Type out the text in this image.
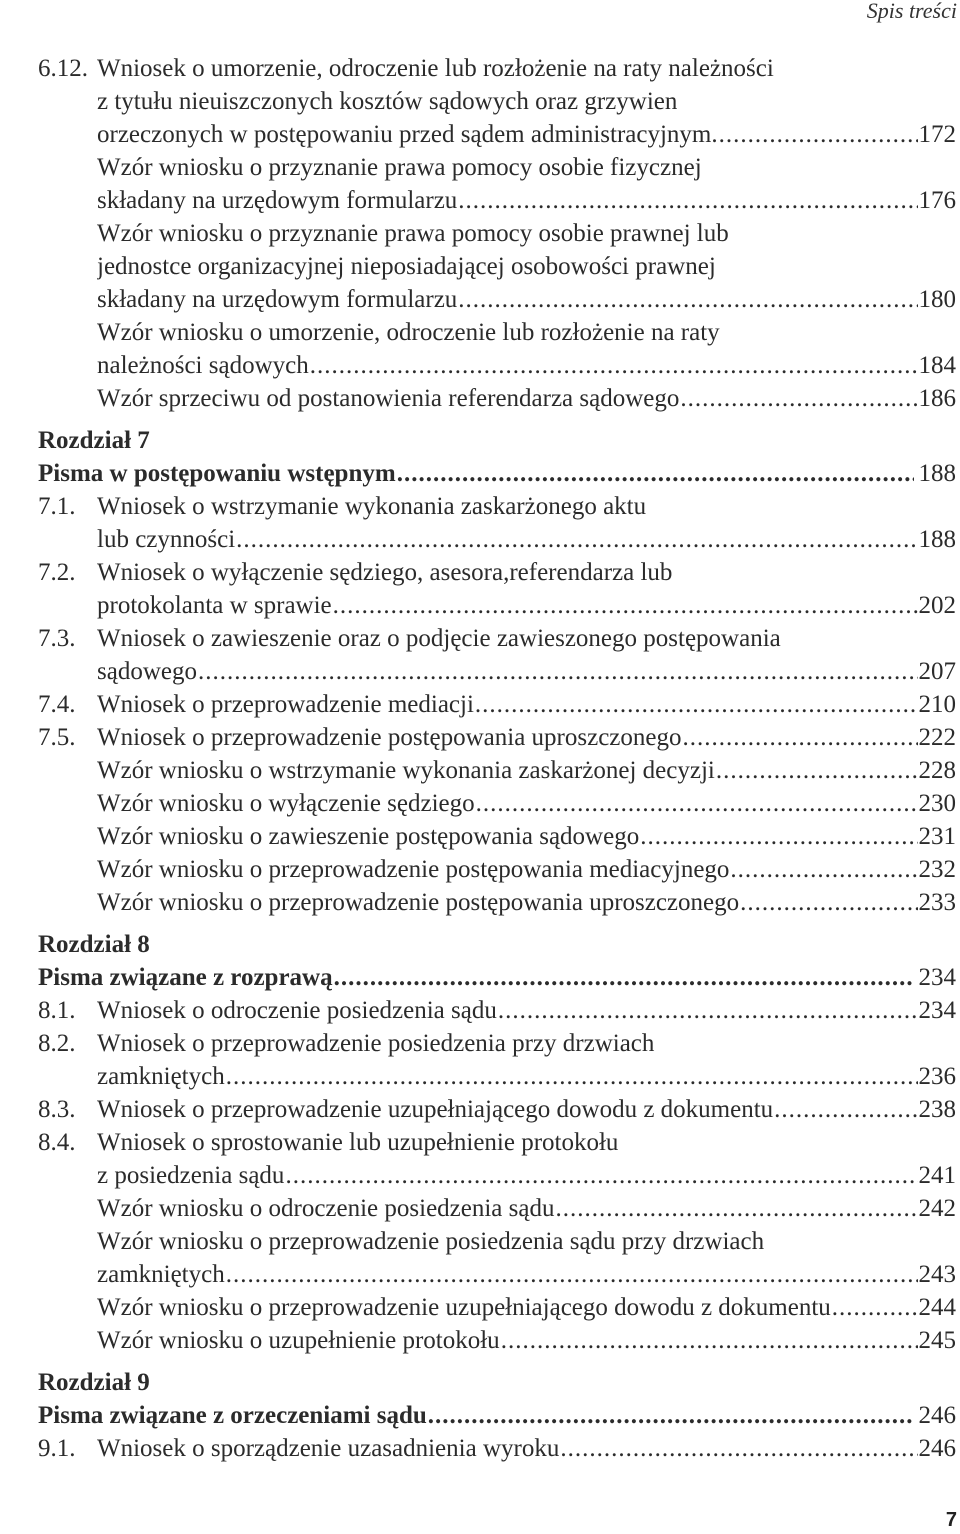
Spis treści
6.12. Wniosek o umorzenie, odroczenie lub rozłożenie na raty należności
z tytułu nieuiszczonych kosztów sądowych oraz grzywien
orzeczonych w postępowaniu przed sądem administracyjnym. .....	172
Wzór wniosku o przyznanie prawa pomocy osobie fizycznej
składany na urzędowym formularzu .....	176
Wzór wniosku o przyznanie prawa pomocy osobie prawnej lub
jednostce organizacyjnej nieposiadającej osobowości prawnej
składany na urzędowym formularzu .....	180
Wzór wniosku o umorzenie, odroczenie lub rozłożenie na raty
należności sądowych .....	184
Wzór sprzeciwu od postanowienia referendarza sądowego .....	186
Rozdział 7
Pisma w postępowaniu wstępnym .....	188
7.1. Wniosek o wstrzymanie wykonania zaskarżonego aktu
lub czynności .....	188
7.2. Wniosek o wyłączenie sędziego, asesora,referendarza lub
protokolanta w sprawie .....	202
7.3. Wniosek o zawieszenie oraz o podjęcie zawieszonego postępowania
sądowego .....	207
7.4. Wniosek o przeprowadzenie mediacji .....	210
7.5. Wniosek o przeprowadzenie postępowania uproszczonego .....	222
Wzór wniosku o wstrzymanie wykonania zaskarżonej decyzji .....	228
Wzór wniosku o wyłączenie sędziego .....	230
Wzór wniosku o zawieszenie postępowania sądowego .....	231
Wzór wniosku o przeprowadzenie postępowania mediacyjnego .....	232
Wzór wniosku o przeprowadzenie postępowania uproszczonego .....	233
Rozdział 8
Pisma związane z rozprawą .....	234
8.1. Wniosek o odroczenie posiedzenia sądu .....	234
8.2. Wniosek o przeprowadzenie posiedzenia przy drzwiach
zamkniętych .....	236
8.3. Wniosek o przeprowadzenie uzupełniającego dowodu z dokumentu .....	238
8.4. Wniosek o sprostowanie lub uzupełnienie protokołu
z posiedzenia sądu .....	241
Wzór wniosku o odroczenie posiedzenia sądu .....	242
Wzór wniosku o przeprowadzenie posiedzenia sądu przy drzwiach
zamkniętych .....	243
Wzór wniosku o przeprowadzenie uzupełniającego dowodu z dokumentu .....	244
Wzór wniosku o uzupełnienie protokołu .....	245
Rozdział 9
Pisma związane z orzeczeniami sądu .....	246
9.1. Wniosek o sporządzenie uzasadnienia wyroku .....	246
7
